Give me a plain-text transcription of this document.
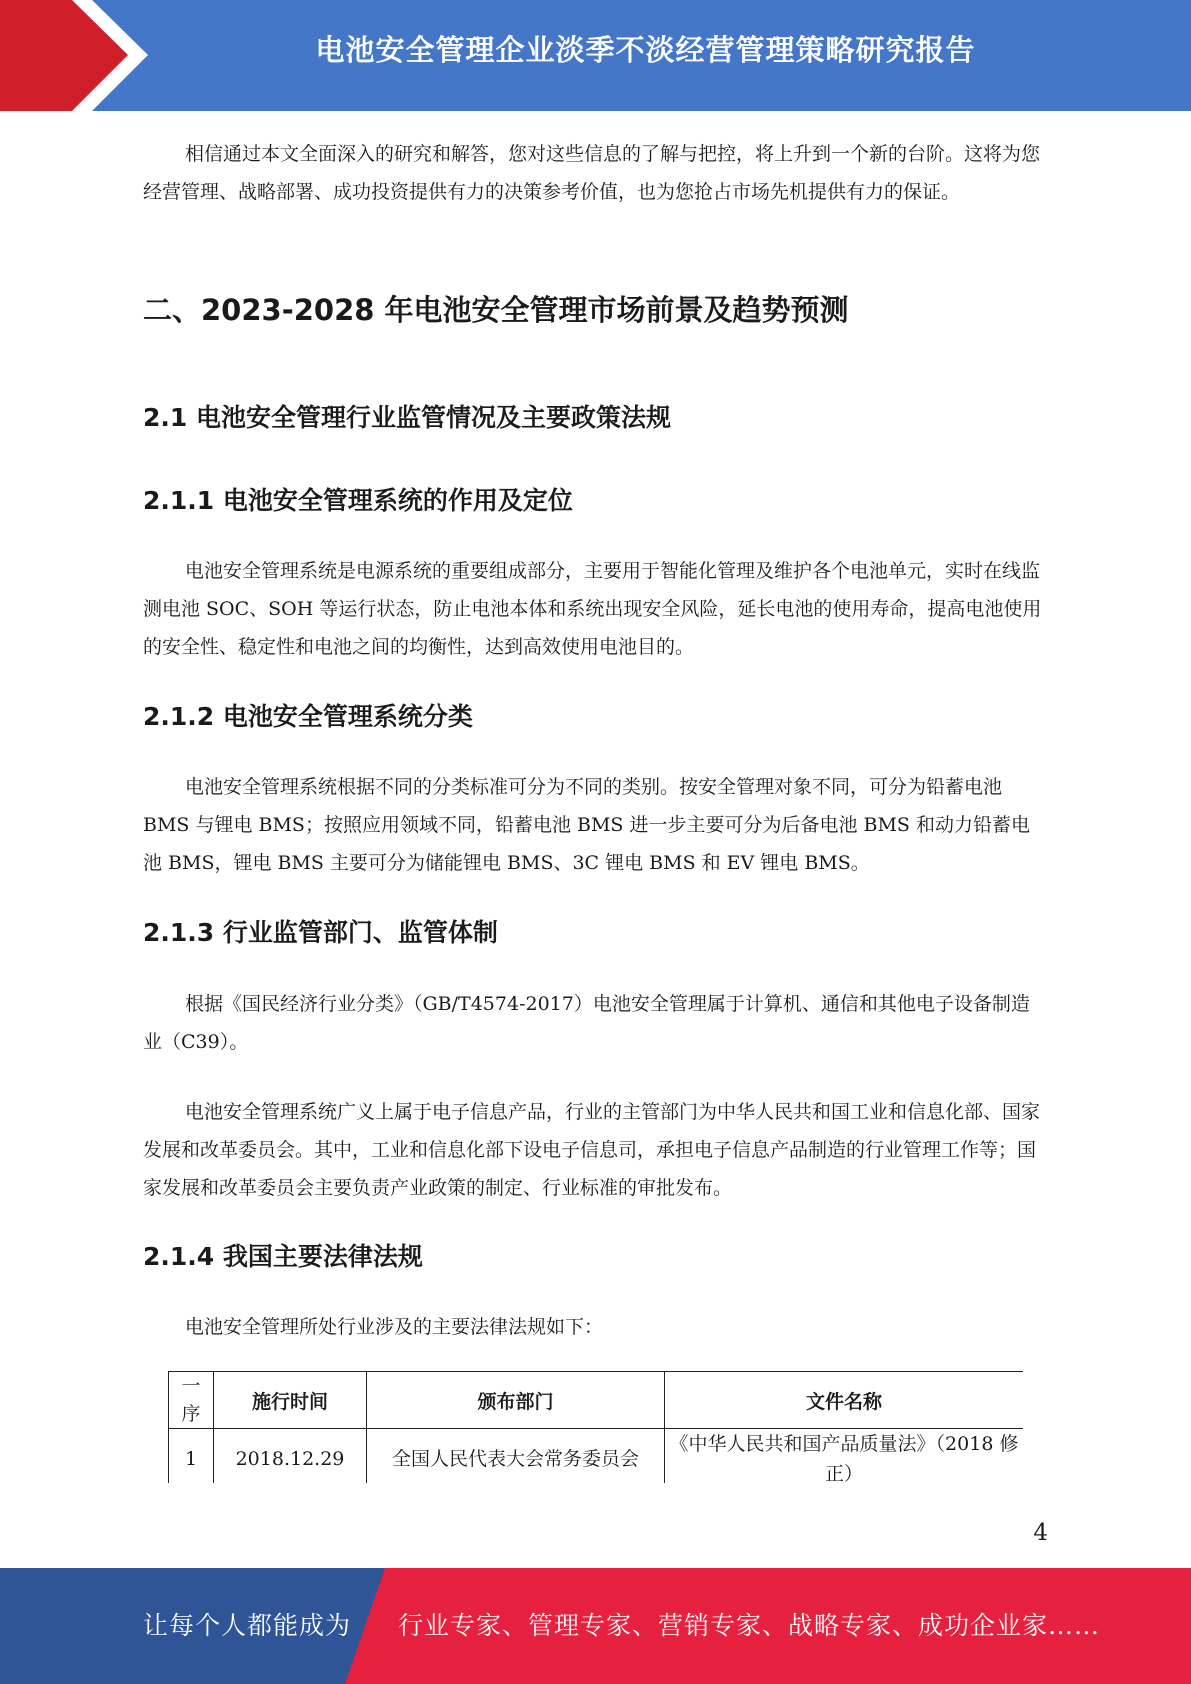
电池安全管理企业淡季不淡经营管理策略研究报告

相信通过本文全面深入的研究和解答，您对这些信息的了解与把控，将上升到一个新的台阶。这将为您经营管理、战略部署、成功投资提供有力的决策参考价值，也为您抢占市场先机提供有力的保证。

二、2023-2028 年电池安全管理市场前景及趋势预测
2.1 电池安全管理行业监管情况及主要政策法规
2.1.1 电池安全管理系统的作用及定位

电池安全管理系统是电源系统的重要组成部分，主要用于智能化管理及维护各个电池单元，实时在线监测电池 SOC、SOH 等运行状态，防止电池本体和系统出现安全风险，延长电池的使用寿命，提高电池使用的安全性、稳定性和电池之间的均衡性，达到高效使用电池目的。

2.1.2 电池安全管理系统分类

电池安全管理系统根据不同的分类标准可分为不同的类别。按安全管理对象不同，可分为铅蓄电池 BMS 与锂电 BMS；按照应用领域不同，铅蓄电池 BMS 进一步主要可分为后备电池 BMS 和动力铅蓄电池 BMS，锂电 BMS 主要可分为储能锂电 BMS、3C 锂电 BMS 和 EV 锂电 BMS。

2.1.3 行业监管部门、监管体制

根据《国民经济行业分类》（GB/T4574-2017）电池安全管理属于计算机、通信和其他电子设备制造业（C39）。

电池安全管理系统广义上属于电子信息产品，行业的主管部门为中华人民共和国工业和信息化部、国家发展和改革委员会。其中，工业和信息化部下设电子信息司，承担电子信息产品制造的行业管理工作等；国家发展和改革委员会主要负责产业政策的制定、行业标准的审批发布。

2.1.4 我国主要法律法规

电池安全管理所处行业涉及的主要法律法规如下：

一
序	施行时间	颁布部门	文件名称
1	2018.12.29	全国人民代表大会常务委员会	《中华人民共和国产品质量法》（2018 修正）
4
让每个人都能成为 行业专家、管理专家、营销专家、战略专家、成功企业家……
